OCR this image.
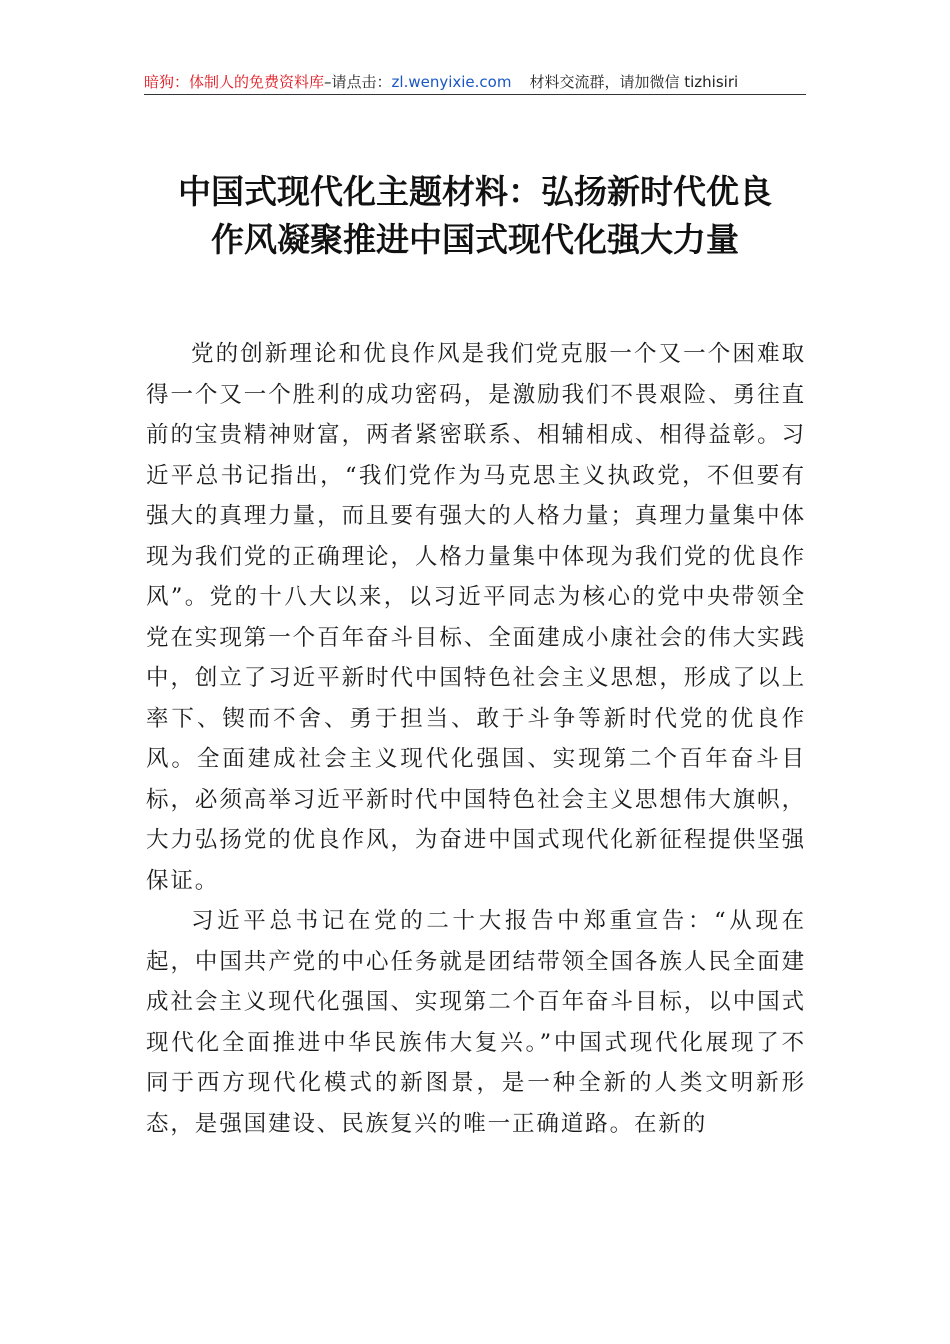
暗狗：体制人的免费资料库–请点击：zl.wenyixie.com 材料交流群，请加微信 tizhisiri
中国式现代化主题材料：弘扬新时代优良
作风凝聚推进中国式现代化强大力量

党的创新理论和优良作风是我们党克服一个又一个困难取得一个又一个胜利的成功密码，是激励我们不畏艰险、勇往直前的宝贵精神财富，两者紧密联系、相辅相成、相得益彰。习近平总书记指出，“我们党作为马克思主义执政党，不但要有强大的真理力量，而且要有强大的人格力量；真理力量集中体现为我们党的正确理论，人格力量集中体现为我们党的优良作风”。党的十八大以来，以习近平同志为核心的党中央带领全党在实现第一个百年奋斗目标、全面建成小康社会的伟大实践中，创立了习近平新时代中国特色社会主义思想，形成了以上率下、锲而不舍、勇于担当、敢于斗争等新时代党的优良作风。全面建成社会主义现代化强国、实现第二个百年奋斗目标，必须高举习近平新时代中国特色社会主义思想伟大旗帜，大力弘扬党的优良作风，为奋进中国式现代化新征程提供坚强保证。

习近平总书记在党的二十大报告中郑重宣告：“从现在起，中国共产党的中心任务就是团结带领全国各族人民全面建成社会主义现代化强国、实现第二个百年奋斗目标，以中国式现代化全面推进中华民族伟大复兴。”中国式现代化展现了不同于西方现代化模式的新图景，是一种全新的人类文明新形态，是强国建设、民族复兴的唯一正确道路。在新的
